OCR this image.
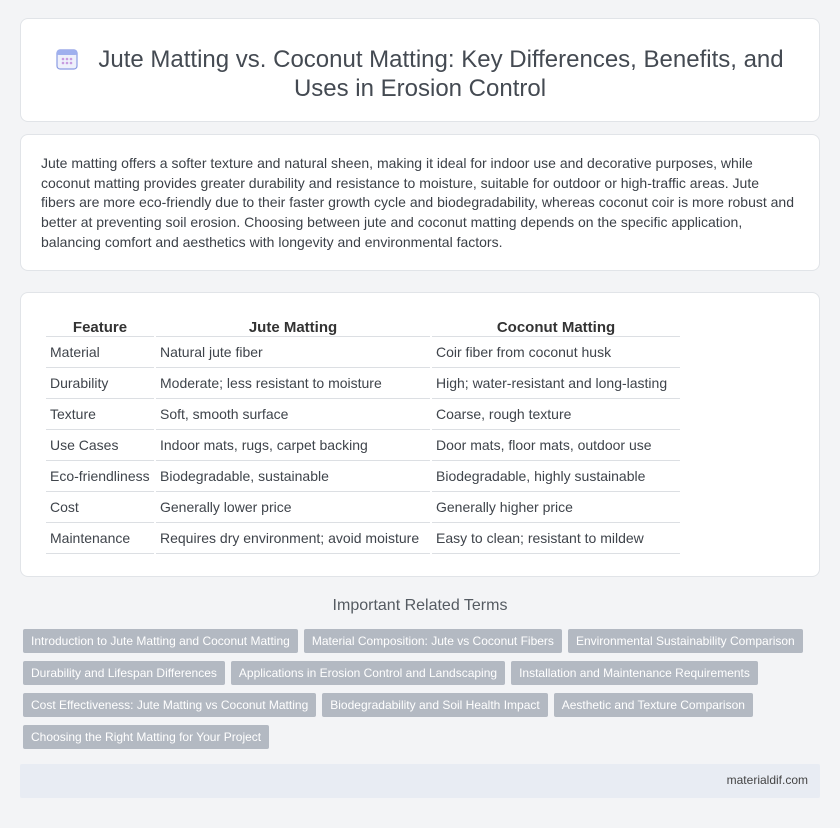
Jute Matting vs. Coconut Matting: Key Differences, Benefits, and Uses in Erosion Control

Jute matting offers a softer texture and natural sheen, making it ideal for indoor use and decorative purposes, while coconut matting provides greater durability and resistance to moisture, suitable for outdoor or high-traffic areas. Jute fibers are more eco-friendly due to their faster growth cycle and biodegradability, whereas coconut coir is more robust and better at preventing soil erosion. Choosing between jute and coconut matting depends on the specific application, balancing comfort and aesthetics with longevity and environmental factors.

Feature	Jute Matting	Coconut Matting
Material	Natural jute fiber	Coir fiber from coconut husk
Durability	Moderate; less resistant to moisture	High; water-resistant and long-lasting
Texture	Soft, smooth surface	Coarse, rough texture
Use Cases	Indoor mats, rugs, carpet backing	Door mats, floor mats, outdoor use
Eco-friendliness	Biodegradable, sustainable	Biodegradable, highly sustainable
Cost	Generally lower price	Generally higher price
Maintenance	Requires dry environment; avoid moisture	Easy to clean; resistant to mildew
Important Related Terms
Introduction to Jute Matting and Coconut Matting Material Composition: Jute vs Coconut Fibers Environmental Sustainability Comparison
Durability and Lifespan Differences Applications in Erosion Control and Landscaping Installation and Maintenance Requirements
Cost Effectiveness: Jute Matting vs Coconut Matting Biodegradability and Soil Health Impact Aesthetic and Texture Comparison
Choosing the Right Matting for Your Project
materialdif.com
